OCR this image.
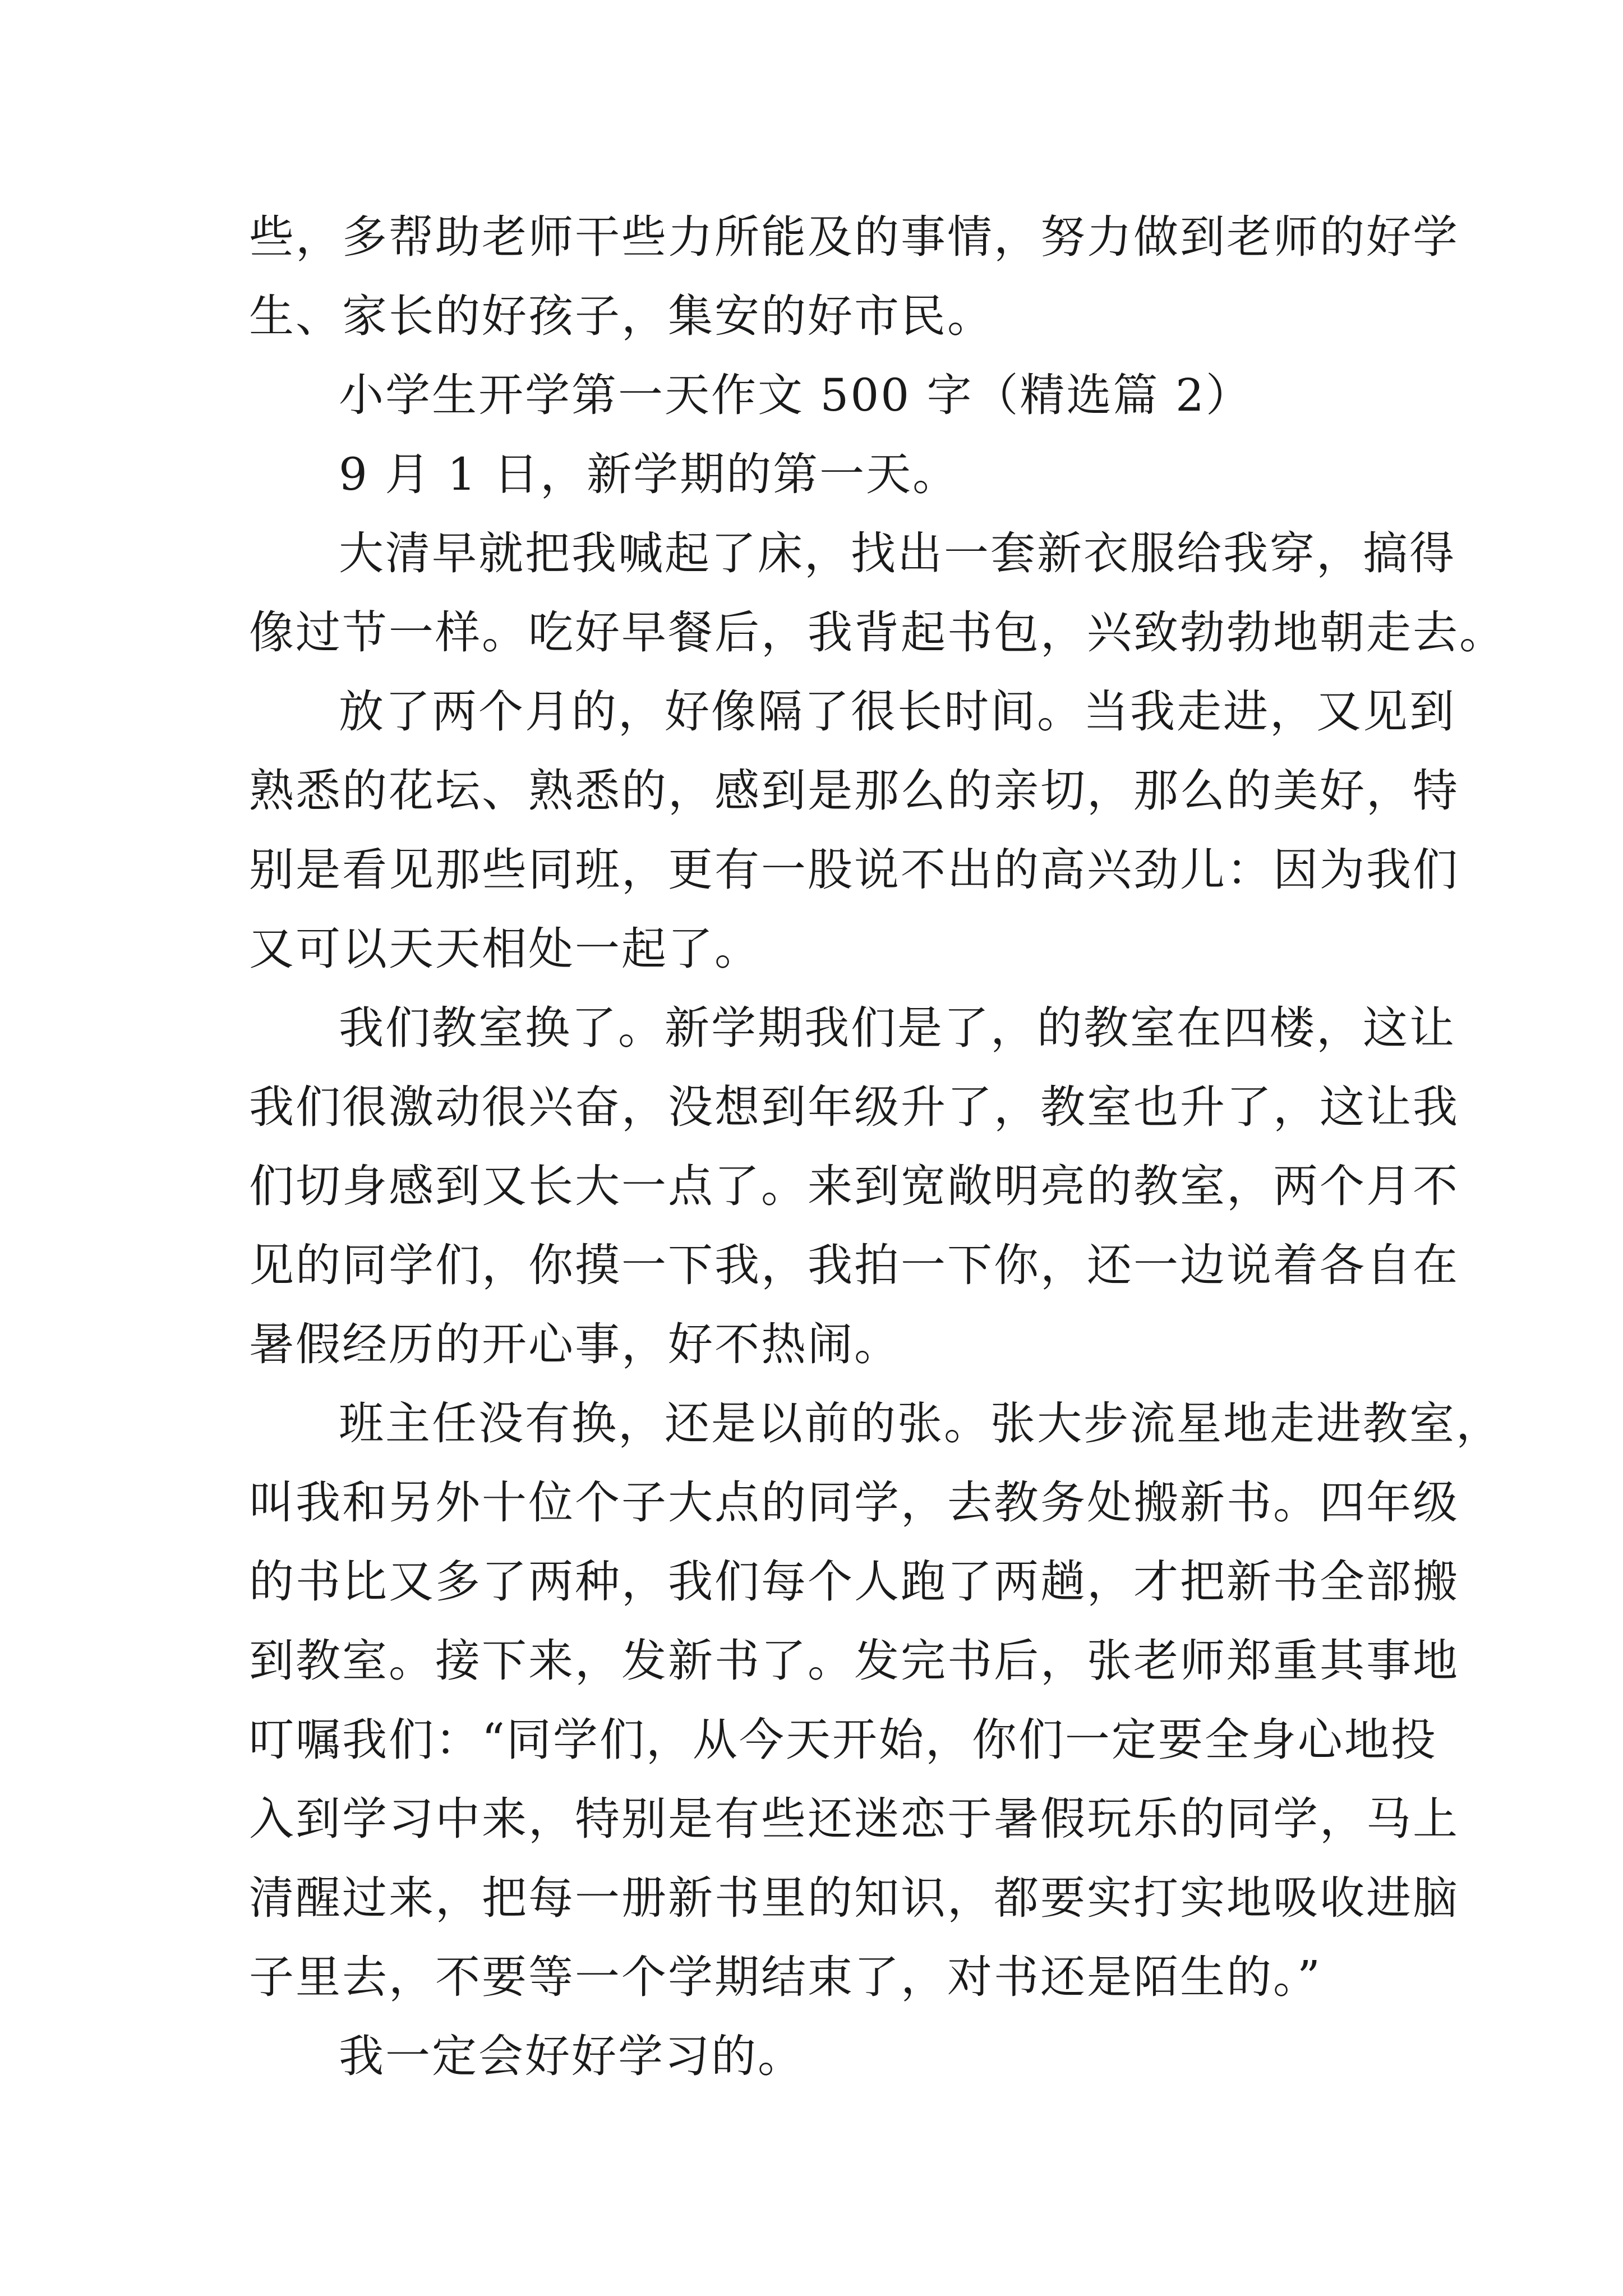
些，多帮助老师干些力所能及的事情，努力做到老师的好学
生、家长的好孩子，集安的好市民。
小学生开学第一天作文 500 字（精选篇 2）
9 月 1 日，新学期的第一天。
大清早就把我喊起了床，找出一套新衣服给我穿，搞得
像过节一样。吃好早餐后，我背起书包，兴致勃勃地朝走去。
放了两个月的，好像隔了很长时间。当我走进，又见到
熟悉的花坛、熟悉的，感到是那么的亲切，那么的美好，特
别是看见那些同班，更有一股说不出的高兴劲儿：因为我们
又可以天天相处一起了。
我们教室换了。新学期我们是了，的教室在四楼，这让
我们很激动很兴奋，没想到年级升了，教室也升了，这让我
们切身感到又长大一点了。来到宽敞明亮的教室，两个月不
见的同学们，你摸一下我，我拍一下你，还一边说着各自在
暑假经历的开心事，好不热闹。
班主任没有换，还是以前的张。张大步流星地走进教室，
叫我和另外十位个子大点的同学，去教务处搬新书。四年级
的书比又多了两种，我们每个人跑了两趟，才把新书全部搬
到教室。接下来，发新书了。发完书后，张老师郑重其事地
叮嘱我们：“同学们，从今天开始，你们一定要全身心地投
入到学习中来，特别是有些还迷恋于暑假玩乐的同学，马上
清醒过来，把每一册新书里的知识，都要实打实地吸收进脑
子里去，不要等一个学期结束了，对书还是陌生的。”
我一定会好好学习的。
